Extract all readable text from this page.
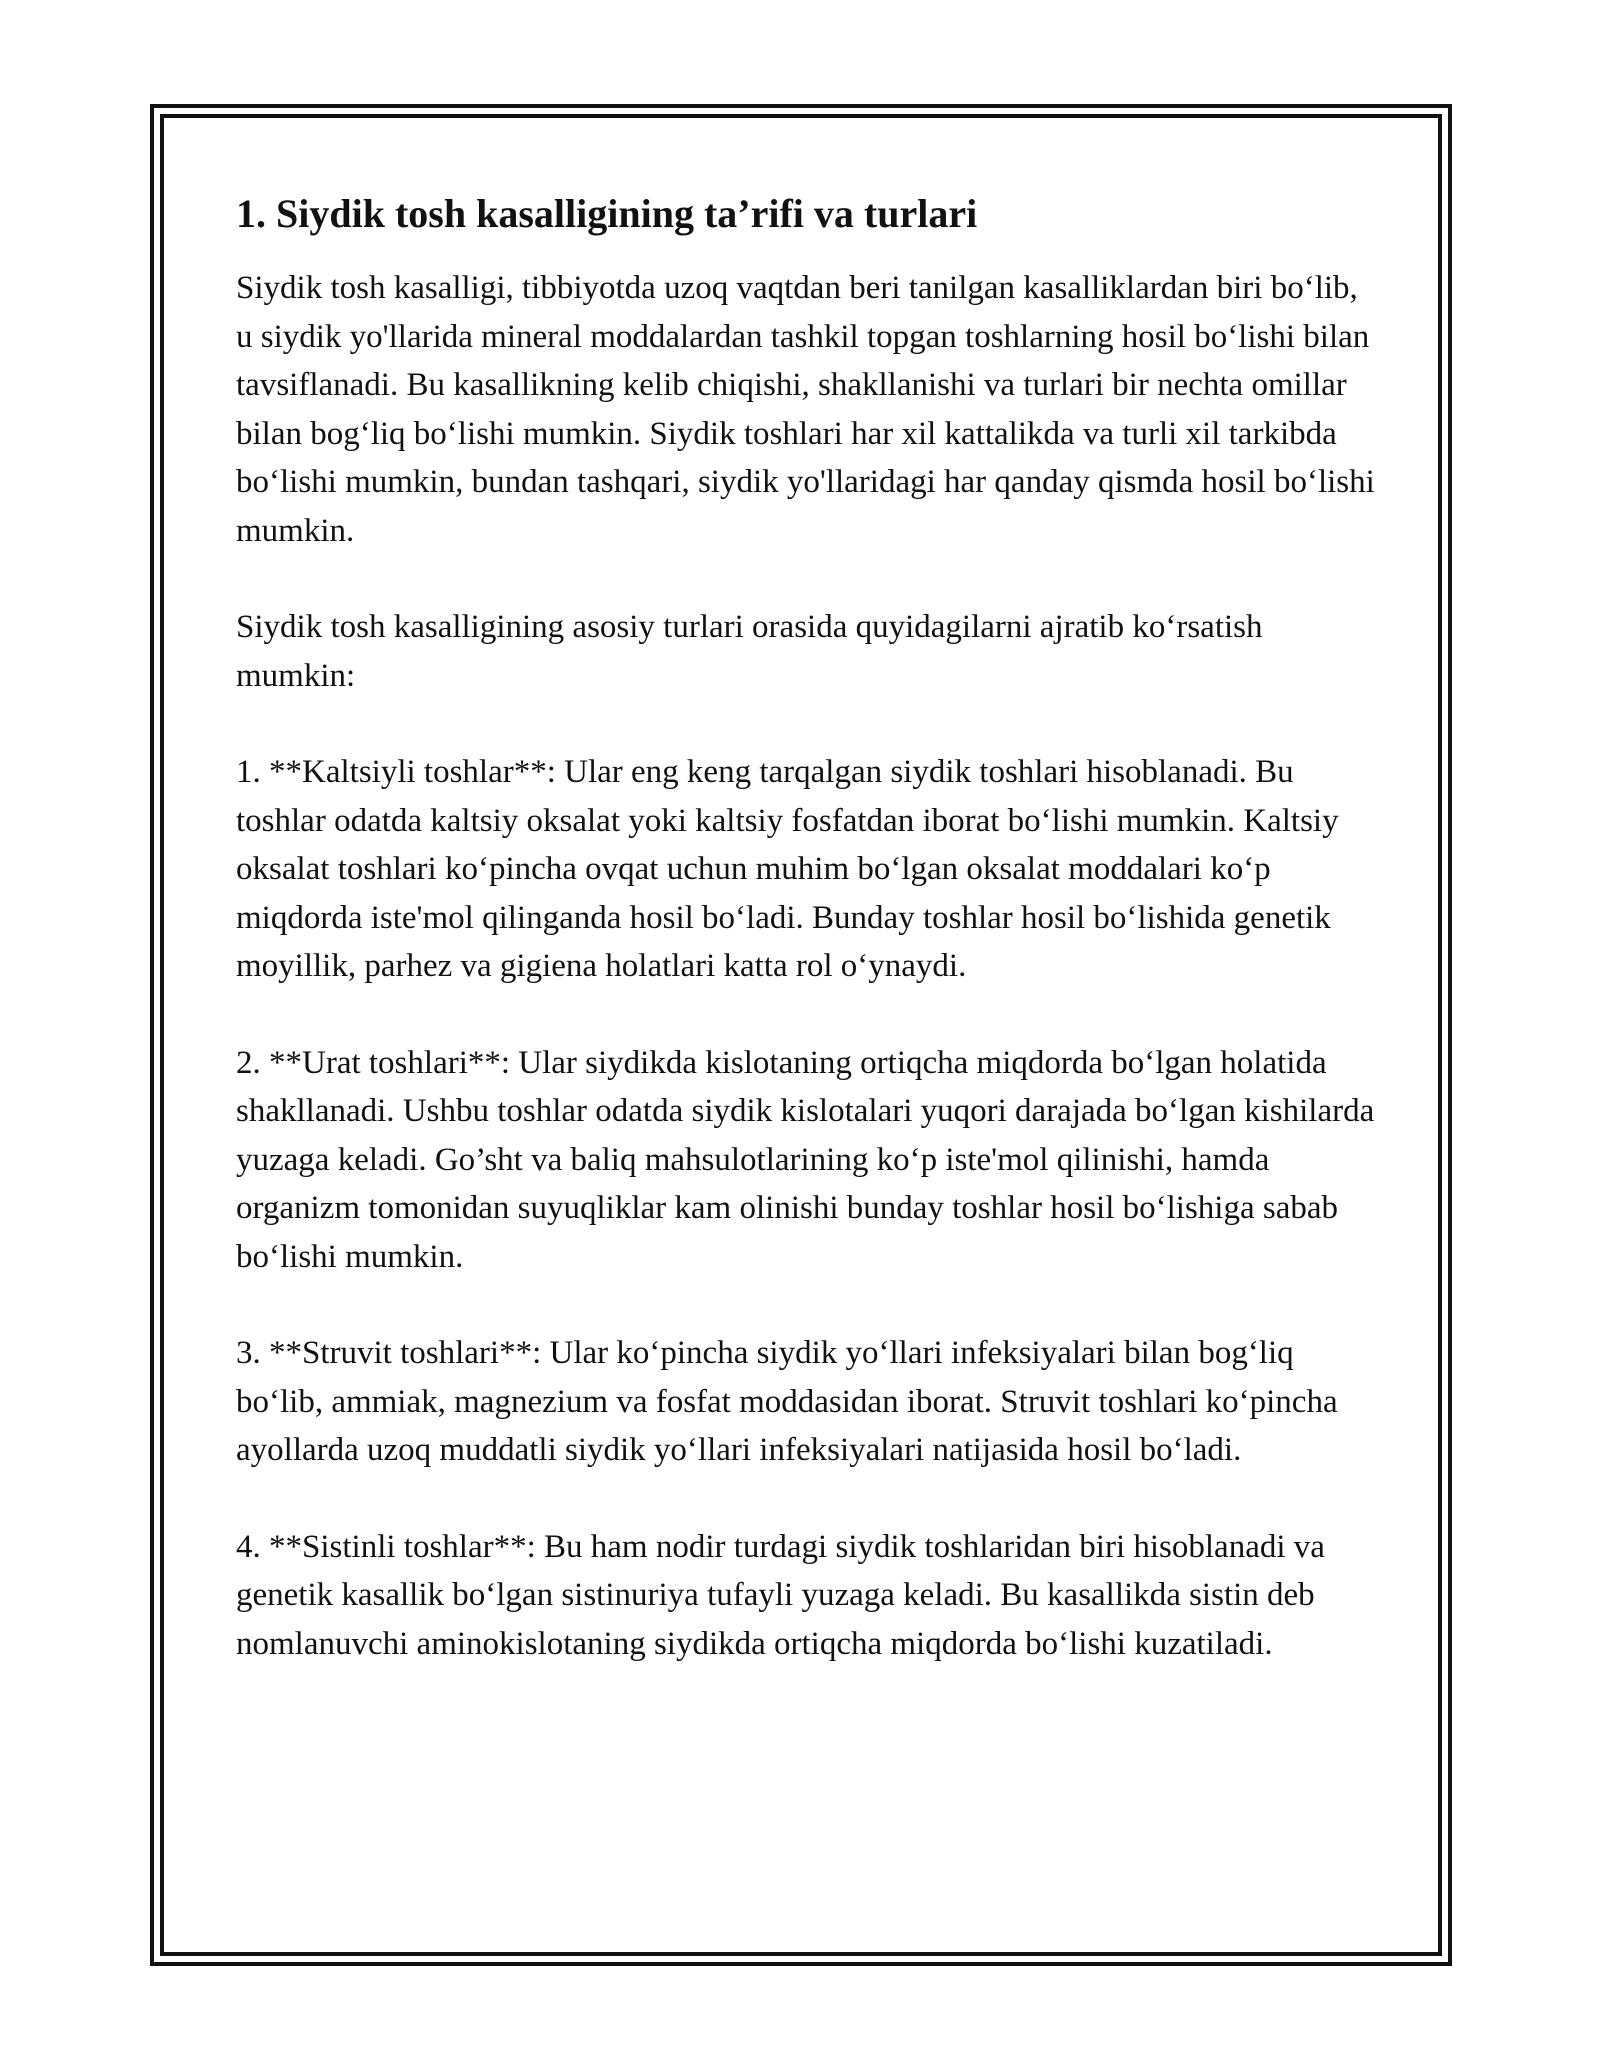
1. Siydik tosh kasalligining ta’rifi va turlari

Siydik tosh kasalligi, tibbiyotda uzoq vaqtdan beri tanilgan kasalliklardan biri bo‘lib, u siydik yo'llarida mineral moddalardan tashkil topgan toshlarning hosil bo‘lishi bilan tavsiflanadi. Bu kasallikning kelib chiqishi, shakllanishi va turlari bir nechta omillar bilan bog‘liq bo‘lishi mumkin. Siydik toshlari har xil kattalikda va turli xil tarkibda bo‘lishi mumkin, bundan tashqari, siydik yo'llaridagi har qanday qismda hosil bo‘lishi mumkin.

Siydik tosh kasalligining asosiy turlari orasida quyidagilarni ajratib ko‘rsatish mumkin:

1. **Kaltsiyli toshlar**: Ular eng keng tarqalgan siydik toshlari hisoblanadi. Bu toshlar odatda kaltsiy oksalat yoki kaltsiy fosfatdan iborat bo‘lishi mumkin. Kaltsiy oksalat toshlari ko‘pincha ovqat uchun muhim bo‘lgan oksalat moddalari ko‘p miqdorda iste'mol qilinganda hosil bo‘ladi. Bunday toshlar hosil bo‘lishida genetik moyillik, parhez va gigiena holatlari katta rol o‘ynaydi.

2. **Urat toshlari**: Ular siydikda kislotaning ortiqcha miqdorda bo‘lgan holatida shakllanadi. Ushbu toshlar odatda siydik kislotalari yuqori darajada bo‘lgan kishilarda yuzaga keladi. Go’sht va baliq mahsulotlarining ko‘p iste'mol qilinishi, hamda organizm tomonidan suyuqliklar kam olinishi bunday toshlar hosil bo‘lishiga sabab bo‘lishi mumkin.

3. **Struvit toshlari**: Ular ko‘pincha siydik yo‘llari infeksiyalari bilan bog‘liq bo‘lib, ammiak, magnezium va fosfat moddasidan iborat. Struvit toshlari ko‘pincha ayollarda uzoq muddatli siydik yo‘llari infeksiyalari natijasida hosil bo‘ladi.

4. **Sistinli toshlar**: Bu ham nodir turdagi siydik toshlaridan biri hisoblanadi va genetik kasallik bo‘lgan sistinuriya tufayli yuzaga keladi. Bu kasallikda sistin deb nomlanuvchi aminokislotaning siydikda ortiqcha miqdorda bo‘lishi kuzatiladi.
